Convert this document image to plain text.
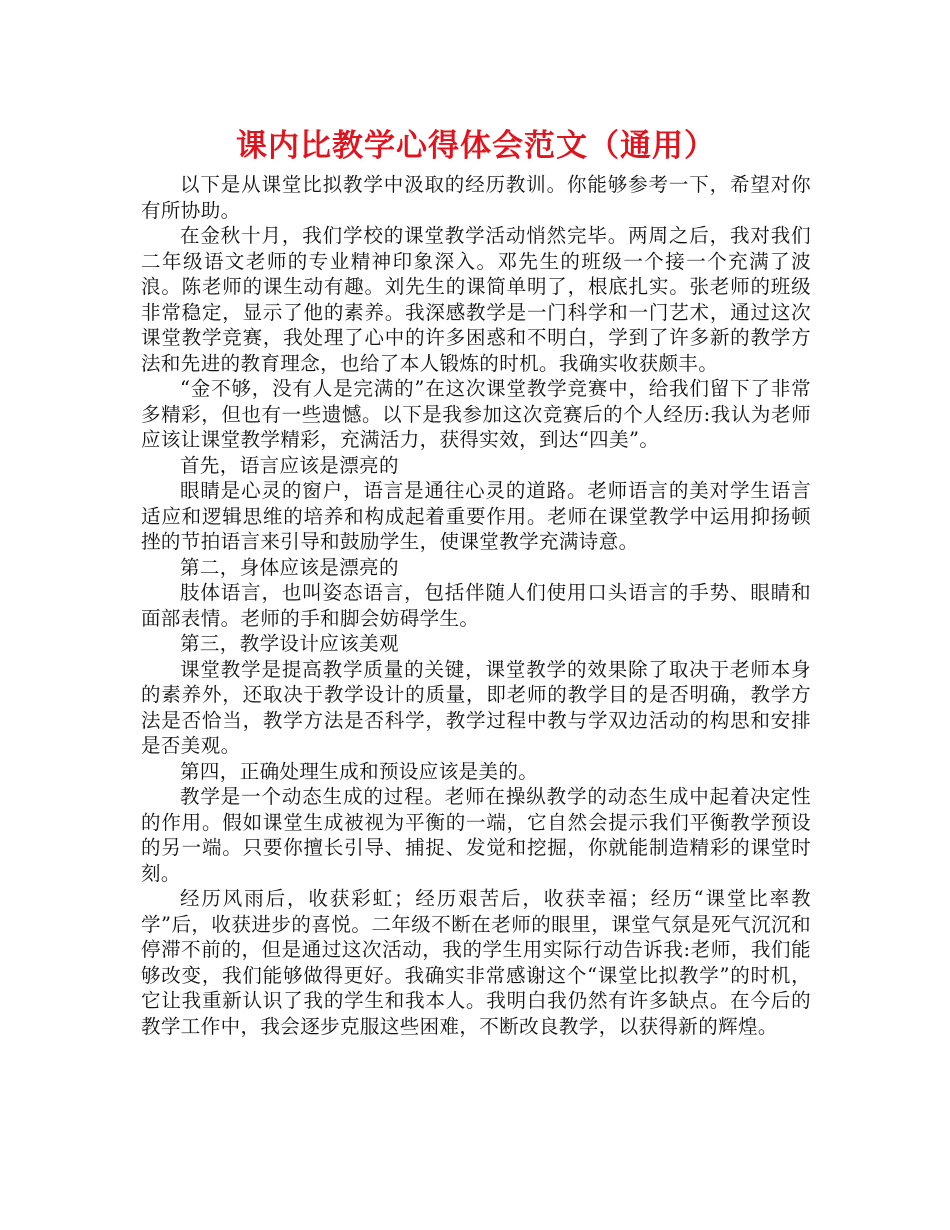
课内比教学心得体会范文（通用）

以下是从课堂比拟教学中汲取的经历教训。你能够参考一下，希望对你有所协助。

在金秋十月，我们学校的课堂教学活动悄然完毕。两周之后，我对我们二年级语文老师的专业精神印象深入。邓先生的班级一个接一个充满了波浪。陈老师的课生动有趣。刘先生的课简单明了，根底扎实。张老师的班级非常稳定，显示了他的素养。我深感教学是一门科学和一门艺术，通过这次课堂教学竞赛，我处理了心中的许多困惑和不明白，学到了许多新的教学方法和先进的教育理念，也给了本人锻炼的时机。我确实收获颇丰。

“金不够，没有人是完满的”在这次课堂教学竞赛中，给我们留下了非常多精彩，但也有一些遗憾。以下是我参加这次竞赛后的个人经历:我认为老师应该让课堂教学精彩，充满活力，获得实效，到达“四美”。

首先，语言应该是漂亮的

眼睛是心灵的窗户，语言是通往心灵的道路。老师语言的美对学生语言适应和逻辑思维的培养和构成起着重要作用。老师在课堂教学中运用抑扬顿挫的节拍语言来引导和鼓励学生，使课堂教学充满诗意。

第二，身体应该是漂亮的

肢体语言，也叫姿态语言，包括伴随人们使用口头语言的手势、眼睛和面部表情。老师的手和脚会妨碍学生。

第三，教学设计应该美观

课堂教学是提高教学质量的关键，课堂教学的效果除了取决于老师本身的素养外，还取决于教学设计的质量，即老师的教学目的是否明确，教学方法是否恰当，教学方法是否科学，教学过程中教与学双边活动的构思和安排是否美观。

第四，正确处理生成和预设应该是美的。

教学是一个动态生成的过程。老师在操纵教学的动态生成中起着决定性的作用。假如课堂生成被视为平衡的一端，它自然会提示我们平衡教学预设的另一端。只要你擅长引导、捕捉、发觉和挖掘，你就能制造精彩的课堂时刻。

经历风雨后，收获彩虹；经历艰苦后，收获幸福；经历“课堂比率教学”后，收获进步的喜悦。二年级不断在老师的眼里，课堂气氛是死气沉沉和停滞不前的，但是通过这次活动，我的学生用实际行动告诉我:老师，我们能够改变，我们能够做得更好。我确实非常感谢这个“课堂比拟教学”的时机，它让我重新认识了我的学生和我本人。我明白我仍然有许多缺点。在今后的教学工作中，我会逐步克服这些困难，不断改良教学，以获得新的辉煌。
